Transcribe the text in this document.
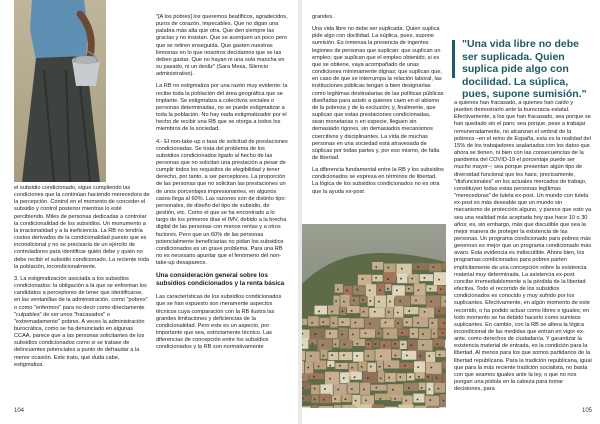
el subsidio condicionado, sigue cumpliendo las condiciones que la continúan haciendo merecedora de la percepción. Control en el momento de conceder el subsidio y control posterior mientras lo esté percibiendo. Miles de personas dedicadas a controlar la condicionalidad de los subsidios. Un monumento a la irracionalidad y a la ineficiencia. La RB no tendría costos derivados de la condicionalidad puesto que es incondicional y no se precisaría de un ejército de controladores para identificar quién debe y quién no debe recibir el subsidio condicionado. La reciente toda la población, incondicionalmente.

3. La estigmatización asociada a los subsidios condicionados: la obligación a la que se enfrentan los candidatos a perceptores de tener que identificarse, en las ventanillas de la administración, como "pobres" o como "enfermos" para no decir como directamente "culpables" de ser unos "fracasados" o "extremadamente" pobres. A veces la administración burocrática, como se ha denunciado en algunas CCAA, parece que a las personas solicitantes de los subsidios condicionados como si se tratase de delincuentes potenciales a punto de defraudar a la menor ocasión. Este trato, qué duda cabe, estigmatiza.

"[A los pobres] los queremos beatíficos, agradecidos, puros de corazón, impecables. Que no digan una palabra más alta que otra. Que den siempre las gracias y no insistan. Que se acerquen un poco pero que se retiren enseguida. Que gasten nuestras limosnas en lo que nosotros decidamos que se las deben gastar. Que no hayan ni una sola mancha en su pasado, ni un desliz" (Sara Mesa, Silencio administrativo).

La RB no estigmatiza por una razón muy evidente: la recibe toda la población del área geográfica que se implante. Se estigmatiza a colectivos sociales o personas determinadas, no se puede estigmatizar a toda la población. No hay nada estigmatizador por el hecho de recibir una RB que se otorga a todos los miembros de la sociedad.

4.- El non-take-up o tasa de solicitud de prestaciones condicionadas. Se trata del problema de los subsidios condicionados ligado al hecho de las personas que no solicitan una prestación a pesar de cumplir todos los requisitos de elegibilidad y tener derecho, por tanto, a ser perceptores. La proporción de las personas que no solicitan las prestaciones un de unos porcentajes impresionantes, en algunos casos llega al 60%. Las razones son de distinto tipo: personales, de diseño del tipo de subsidio, de gestión, etc. Como el que se ha encontrado a lo largo de los primeros días el IMV, debido a la brecha digital de las personas con menos rentas y a otros factores. Pero que un 60% de las personas potencialmente beneficiarias no pidan los subsidios condicionados es un grave problema. Para una RB no es necesario apuntar que el fenómeno del non-take-up desaparece.

Una consideración general sobre los subsidios condicionados y la renta básica

Las características de los subsidios condicionados que se han expuesto son meramente aspectos técnicos cuya comparación con la RB ilustra las grandes limitaciones y deficiencias de la condicionalidad. Pero este es un aspecto, por importante que sea, estrictamente técnico. Las diferencias de concepción entre los subsidios condicionados y la RB son normativamente

104

grandes.

Una vida libre no debe ser suplicada. Quien suplica pide algo con docilidad. La súplica, pues, supone sumisión. Es inmensa la presencia de ingentes legiones de personas que suplican: que suplican un empleo; que suplican que el empleo obtenido, si es que se obtiene, vaya acompañado de unas condiciones mínimamente dignas; que suplican que, en caso de que se interrumpa la relación laboral, las instituciones públicas tengan a bien designarlas como legítimas destinatarias de las políticas públicas diseñadas para asistir a quienes caen en el abismo de la pobreza y de la exclusión; y, finalmente, que suplican que estas prestaciones condicionadas, sean monetarias o en especie, lleguen sin demasiado rigores, sin demasiados mecanismos coercitivos y disciplinantes. La vida de muchas personas en una sociedad está atravesada de súplicas por todas partes y, por eso mismo, de falta de libertad.

La diferencia fundamental entre la RB y los subsidios condicionados se expresa en términos de libertad. La lógica de los subsidios condicionados no es otra que la ayuda ex-post

"Una vida libre no debe ser suplicada. Quien suplica pide algo con docilidad. La súplica, pues, supone sumisión."

a quienes han fracasado, a quienes han caído y pueden demostrarlo ante la burocracia estatal. Efectivamente, a los que han fracasado, sea porque se han quedado sin el paro; sea porque, pese a trabajar remuneradamente, no alcanzan el umbral de la pobreza –en el reino de España, esta es la realidad del 15% de los trabajadores asalariados con los datos que ahora se tienen, ni bien con las consecuencias de la pandemia del COVID-19 el porcentaje puede ser mucho mayor–; sea porque presentan algún tipo de diversidad funcional que les hace, precisamente, "disfuncionales" en los actuales mercados de trabajo, constituyen todas estas personas legítimas "merecedoras" de tutela ex-post. Un mundo con tutela ex-post es más deseable que un mundo sin mecanismo de protección alguno, y parece que esto ya sea una realidad más aceptada hoy que hace 10 o 30 años; es, sin embargo, más que discutible que sea la mejor manera de proteger la existencia de las personas. Un programa condicionado para pobres más generoso es mejor que un programa condicionado más avaro. Esta evidencia es indiscutible. Ahora bien, los programas condicionados para pobres parten implícitamente de una concepción sobre la existencia material muy determinada. La asistencia ex-post concibe irremediablemente a la pérdida de la libertad efectiva. Todo el recorrido de los subsidios condicionados es conocido y muy sufrido por los suplicantes. Efectivamente, en algún momento de este recorrido, o ha podido actuar como libres e iguales; en todo momento se ha debido hacerlo como sumisos suplicantes. En cambio, con la RB se altera la lógica incondicional de las medidas que entran en vigor ex-ante, como derechos de ciudadanía. Y garantizar la existencia material de entrada, es la condición para la libertad. Al menos para los que somos partidarios de la libertad republicana. Para la tradición republicana, igual que para la más reciente tradición socialista, no basta con que seamos iguales ante la ley, o que no nos pongan una pistola en la cabeza para tomar decisiones, para

105
